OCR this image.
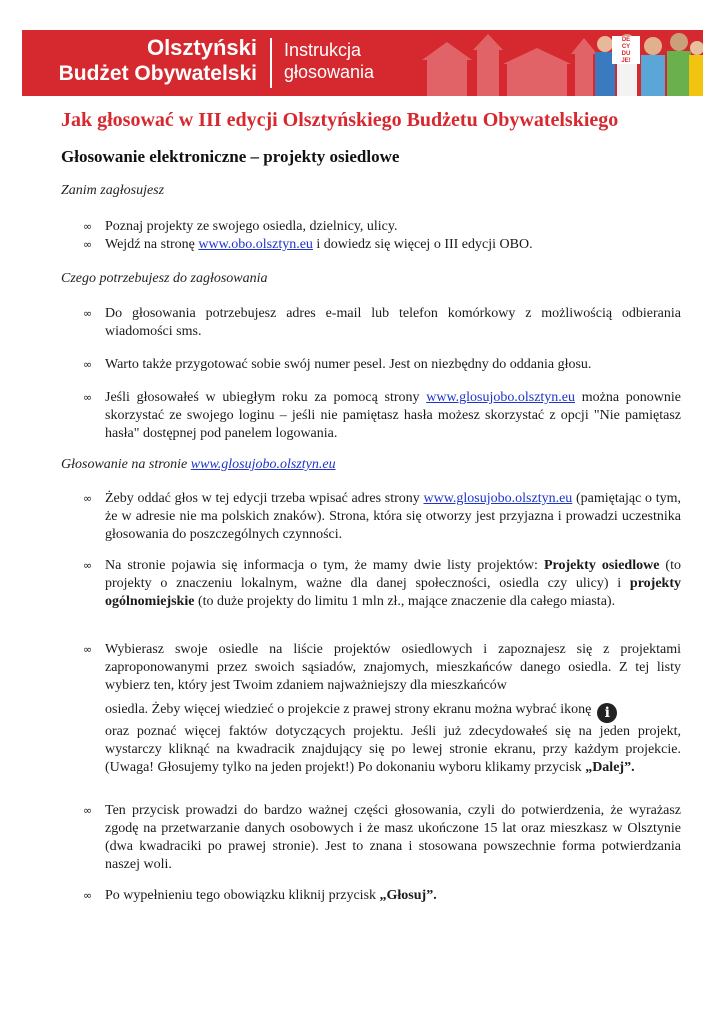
Olsztyński
Budżet Obywatelski
Instrukcja
głosowania
DE
CY
DU
JE!
Jak głosować w III edycji Olsztyńskiego Budżetu Obywatelskiego
Głosowanie elektroniczne – projekty osiedlowe

Zanim zagłosujesz

∞ Poznaj projekty ze swojego osiedla, dzielnicy, ulicy.
∞ Wejdź na stronę www.obo.olsztyn.eu i dowiedz się więcej o III edycji OBO.

Czego potrzebujesz do zagłosowania

∞ Do głosowania potrzebujesz adres e-mail lub telefon komórkowy z możliwością odbierania wiadomości sms.
∞ Warto także przygotować sobie swój numer pesel. Jest on niezbędny do oddania głosu.
∞ Jeśli głosowałeś w ubiegłym roku za pomocą strony www.glosujobo.olsztyn.eu można ponownie skorzystać ze swojego loginu – jeśli nie pamiętasz hasła możesz skorzystać z opcji "Nie pamiętasz hasła" dostępnej pod panelem logowania.

Głosowanie na stronie www.glosujobo.olsztyn.eu

∞ Żeby oddać głos w tej edycji trzeba wpisać adres strony www.glosujobo.olsztyn.eu (pamiętając o tym, że w adresie nie ma polskich znaków). Strona, która się otworzy jest przyjazna i prowadzi uczestnika głosowania do poszczególnych czynności.
∞ Na stronie pojawia się informacja o tym, że mamy dwie listy projektów: Projekty osiedlowe (to projekty o znaczeniu lokalnym, ważne dla danej społeczności, osiedla czy ulicy) i projekty ogólnomiejskie (to duże projekty do limitu 1 mln zł., mające znaczenie dla całego miasta).
∞ Wybierasz swoje osiedle na liście projektów osiedlowych i zapoznajesz się z projektami zaproponowanymi przez swoich sąsiadów, znajomych, mieszkańców danego osiedla. Z tej listy wybierz ten, który jest Twoim zdaniem najważniejszy dla mieszkańców
osiedla. Żeby więcej wiedzieć o projekcie z prawej strony ekranu można wybrać ikonę i
oraz poznać więcej faktów dotyczących projektu. Jeśli już zdecydowałeś się na jeden projekt, wystarczy kliknąć na kwadracik znajdujący się po lewej stronie ekranu, przy każdym projekcie. (Uwaga! Głosujemy tylko na jeden projekt!) Po dokonaniu wyboru klikamy przycisk „Dalej”.
∞ Ten przycisk prowadzi do bardzo ważnej części głosowania, czyli do potwierdzenia, że wyrażasz zgodę na przetwarzanie danych osobowych i że masz ukończone 15 lat oraz mieszkasz w Olsztynie (dwa kwadraciki po prawej stronie). Jest to znana i stosowana powszechnie forma potwierdzania naszej woli.
∞ Po wypełnieniu tego obowiązku kliknij przycisk „Głosuj”.
